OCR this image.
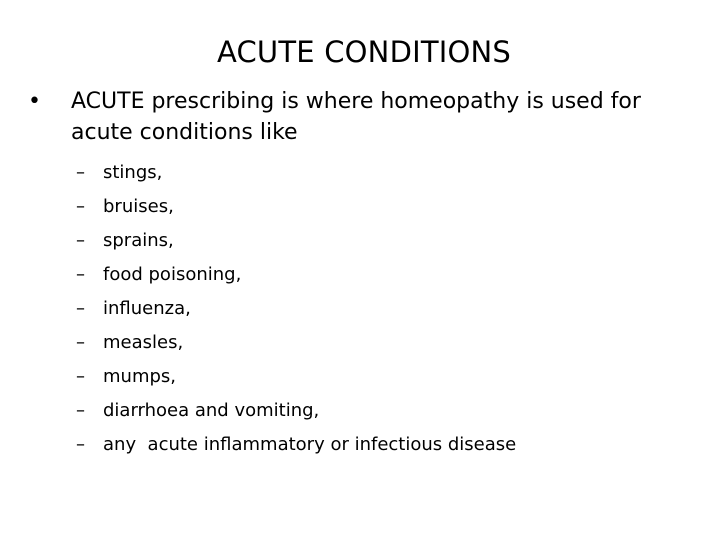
ACUTE CONDITIONS
•	ACUTE prescribing is where homeopathy is used for acute conditions like
–	stings,
–	bruises,
–	sprains,
–	food poisoning,
–	influenza,
–	measles,
–	mumps,
–	diarrhoea and vomiting,
–	any  acute inflammatory or infectious disease
